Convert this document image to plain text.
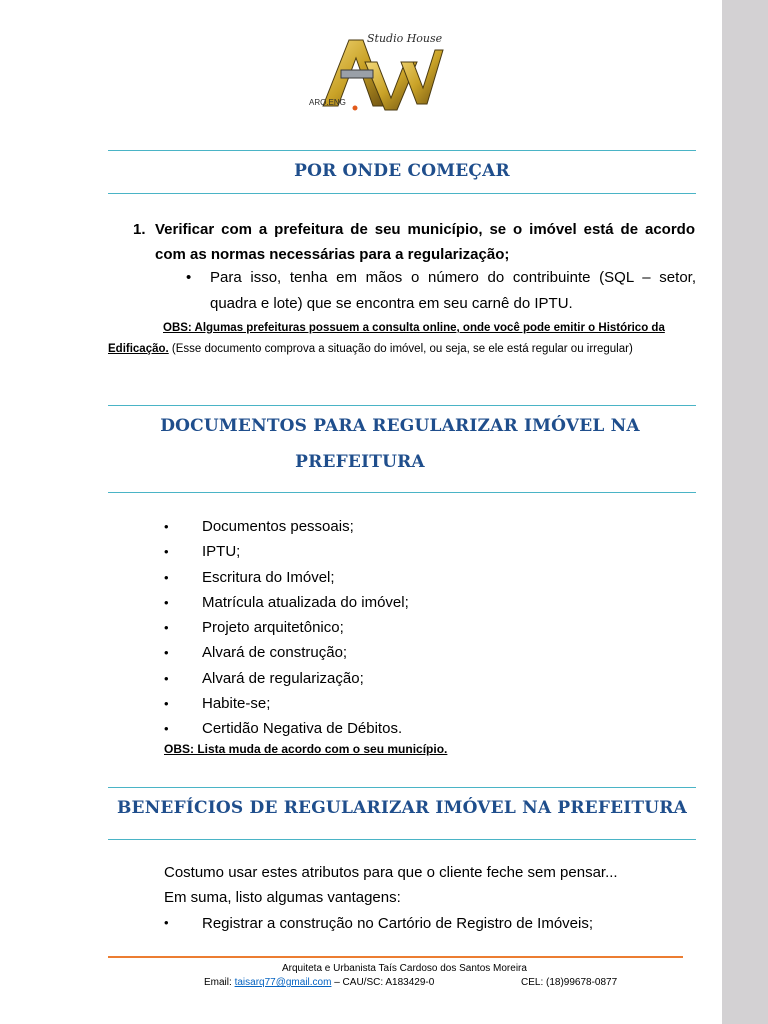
Studio House
ARQ.ENG
POR ONDE COMEÇAR
1. Verificar com a prefeitura de seu município, se o imóvel está de acordo com as normas necessárias para a regularização;
•	Para isso, tenha em mãos o número do contribuinte (SQL – setor, quadra e lote) que se encontra em seu carnê do IPTU.
OBS: Algumas prefeituras possuem a consulta online, onde você pode emitir o Histórico da Edificação. (Esse documento comprova a situação do imóvel, ou seja, se ele está regular ou irregular)
DOCUMENTOS PARA REGULARIZAR IMÓVEL NA
PREFEITURA
• Documentos pessoais;
• IPTU;
• Escritura do Imóvel;
• Matrícula atualizada do imóvel;
• Projeto arquitetônico;
• Alvará de construção;
• Alvará de regularização;
• Habite-se;
• Certidão Negativa de Débitos.
OBS: Lista muda de acordo com o seu município.
BENEFÍCIOS DE REGULARIZAR IMÓVEL NA PREFEITURA
Costumo usar estes atributos para que o cliente feche sem pensar...
Em suma, listo algumas vantagens:
• Registrar a construção no Cartório de Registro de Imóveis;
Arquiteta e Urbanista Taís Cardoso dos Santos Moreira
Email: taisarq77@gmail.com – CAU/SC: A183429-0	CEL: (18)99678-0877
